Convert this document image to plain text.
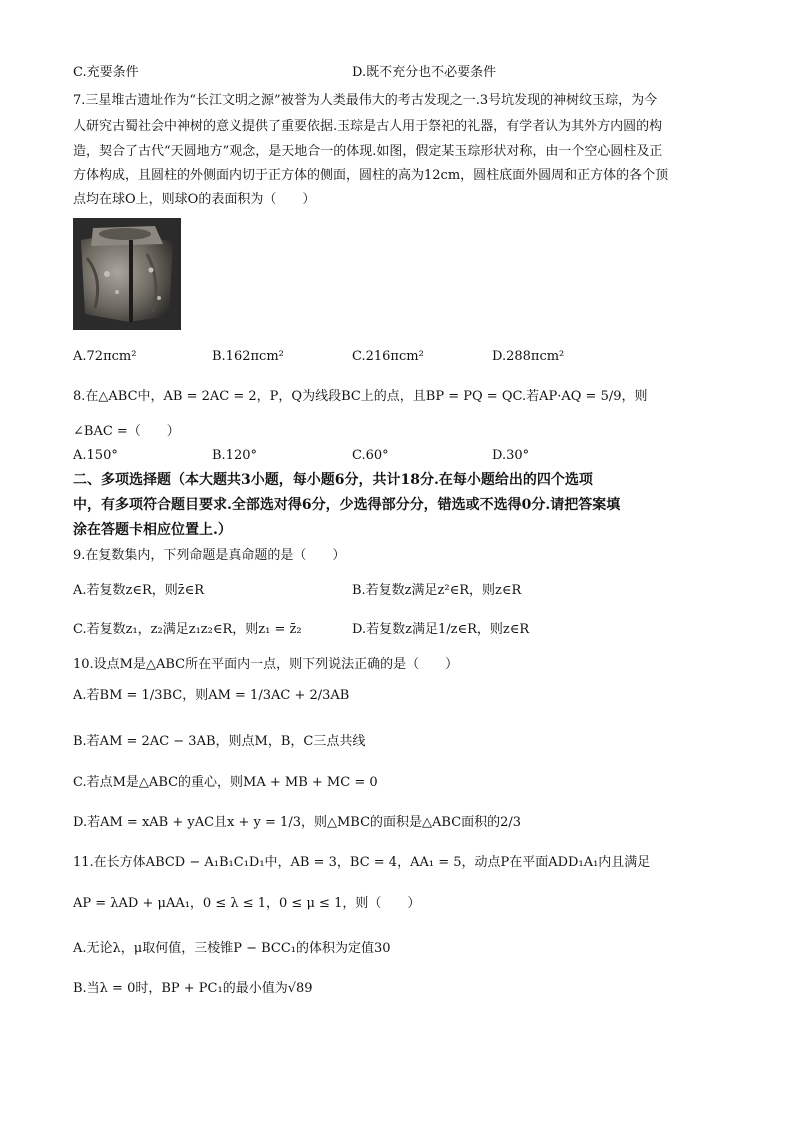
C.充要条件	D.既不充分也不必要条件
7.三星堆古遗址作为“长江文明之源”被誉为人类最伟大的考古发现之一.3号坑发现的神树纹玉琮，为今
人研究古蜀社会中神树的意义提供了重要依据.玉琮是古人用于祭祀的礼器，有学者认为其外方内圆的构
造，契合了古代“天圆地方”观念，是天地合一的体现.如图，假定某玉琮形状对称，由一个空心圆柱及正
方体构成，且圆柱的外侧面内切于正方体的侧面，圆柱的高为12cm，圆柱底面外圆周和正方体的各个顶
点均在球O上，则球O的表面积为（　　）
A.72πcm²	B.162πcm²	C.216πcm²	D.288πcm²
8.在△ABC中，AB = 2AC = 2，P，Q为线段BC上的点，且BP = PQ = QC.若AP·AQ = 5/9，则
∠BAC =（　　）
A.150°	B.120°	C.60°	D.30°
二、多项选择题（本大题共3小题，每小题6分，共计18分.在每小题给出的四个选项
中，有多项符合题目要求.全部选对得6分，少选得部分分，错选或不选得0分.请把答案填
涂在答题卡相应位置上.）
9.在复数集内，下列命题是真命题的是（　　）
A.若复数z∈R，则z̄∈R	B.若复数z满足z²∈R，则z∈R
C.若复数z₁，z₂满足z₁z₂∈R，则z₁ = z̄₂	D.若复数z满足1/z∈R，则z∈R
10.设点M是△ABC所在平面内一点，则下列说法正确的是（　　）
A.若BM = 1/3BC，则AM = 1/3AC + 2/3AB
B.若AM = 2AC − 3AB，则点M，B，C三点共线
C.若点M是△ABC的重心，则MA + MB + MC = 0
D.若AM = xAB + yAC且x + y = 1/3，则△MBC的面积是△ABC面积的2/3
11.在长方体ABCD − A₁B₁C₁D₁中，AB = 3，BC = 4，AA₁ = 5，动点P在平面ADD₁A₁内且满足
AP = λAD + μAA₁，0 ≤ λ ≤ 1，0 ≤ μ ≤ 1，则（　　）
A.无论λ，μ取何值，三棱锥P − BCC₁的体积为定值30
B.当λ = 0时，BP + PC₁的最小值为√89
